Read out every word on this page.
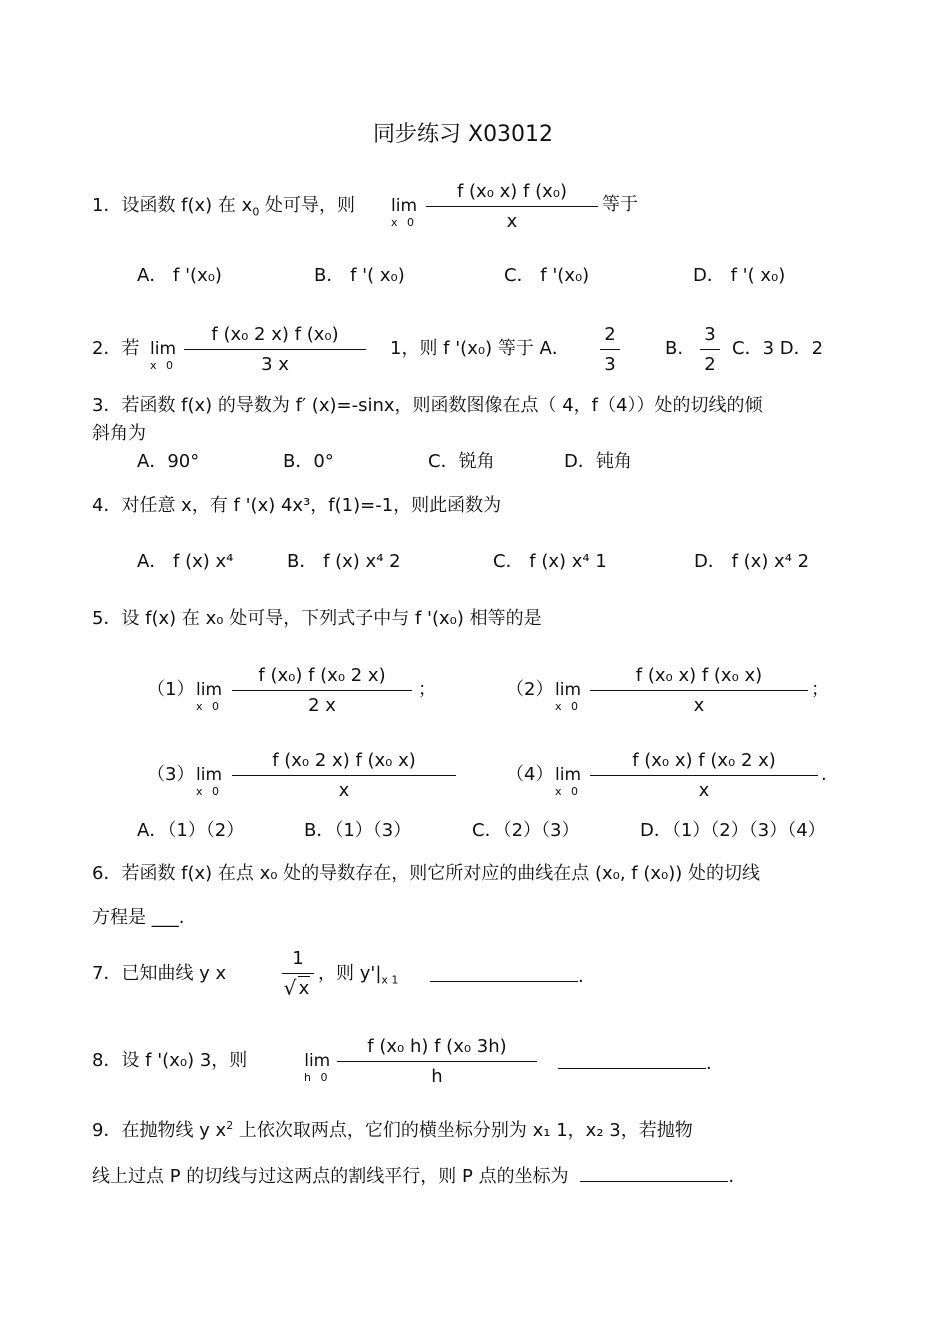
同步练习 X03012
1．设函数 f(x) 在 $x_0$ 处可导，则 lim
x $0 \frac{\text{f (x₀ x) f (x₀)}}{x}$ 等于
A． f '(x₀)	B． f '( x₀)	C． f '(x₀)	D． f '( x₀)
2．若 lim
x $0 \frac{\text{f (x₀ 2 x) f (x₀)}}{3 x} 1$，则 f '(x₀) 等于 A． $\frac{2}{3}$	B. $\frac{3}{2}$ C．3 D．2
3．若函数 f(x) 的导数为 f′ (x)=-sinx，则函数图像在点（ 4，f（4））处的切线的倾
斜角为
A．90°	B．0°	C．锐角	D．钝角
4．对任意 x，有 f '(x) 4x³，f(1)=-1，则此函数为
A． f (x) x⁴	B． f (x) x⁴ 2	C． f (x) x⁴ 1	D． f (x) x⁴ 2
5．设 f(x) 在 x₀ 处可导，下列式子中与 f '(x₀) 相等的是
（1） lim
x $0 \frac{\text{f (x₀) f (x₀ 2 x)}}{2 x}$ ；	（2） lim
x $0 \frac{\text{f (x₀ x) f (x₀ x)}}{x}$ ；
（3） lim
x $0 \frac{\text{f (x₀ 2 x) f (x₀ x)}}{x}$	（4） lim
x $0 \frac{\text{f (x₀ x) f (x₀ 2 x)}}{x}$ .
A．（1）（2）	B．（1）（3）	C．（2）（3）	D．（1）（2）（3）（4）
6．若函数 f(x) 在点 x₀ 处的导数存在，则它所对应的曲线在点 (x₀, f (x₀)) 处的切线
方程是 ___.
7．已知曲线 y x	1
√ x ，则 $y'|_{x 1}$	.
8．设 f '(x₀) 3，则	lim
h $0 \frac{\text{f (x₀ h) f (x₀ 3h)}}{h}$	.
9．在抛物线 y $x^2$ 上依次取两点，它们的横坐标分别为 x₁ 1，x₂ 3，若抛物
线上过点 P 的切线与过这两点的割线平行，则 P 点的坐标为	.
